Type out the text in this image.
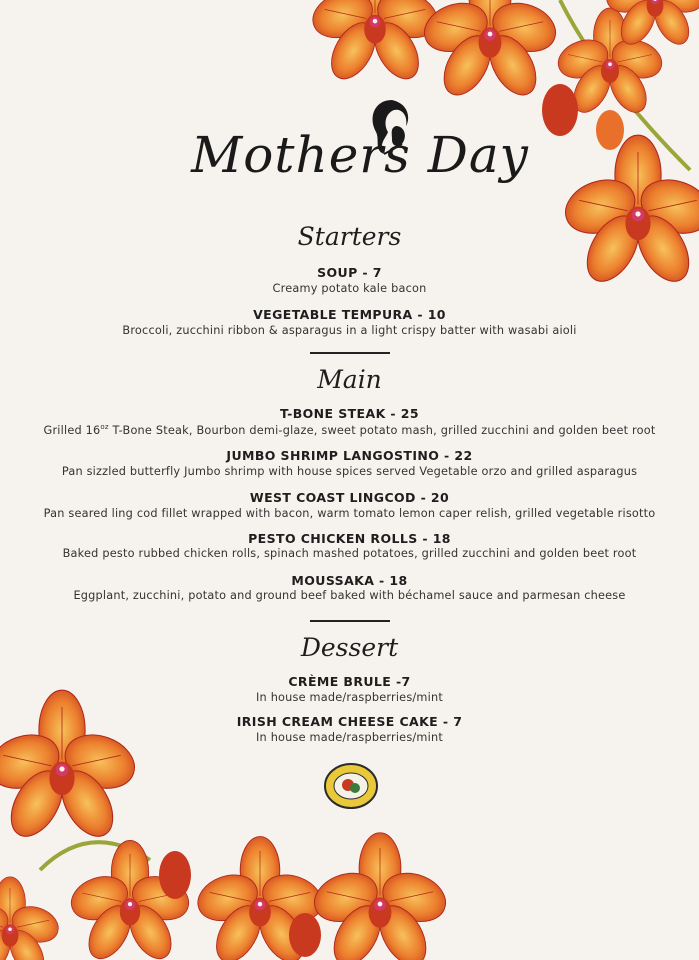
Mothers Day
Starters
SOUP - 7
Creamy potato kale bacon
VEGETABLE TEMPURA - 10
Broccoli, zucchini ribbon & asparagus in a light crispy batter with wasabi aioli
Main
T-BONE STEAK - 25
Grilled $16^{oz}$ T-Bone Steak, Bourbon demi-glaze, sweet potato mash, grilled zucchini and golden beet root
JUMBO SHRIMP LANGOSTINO - 22
Pan sizzled butterfly Jumbo shrimp with house spices served Vegetable orzo and grilled asparagus
WEST COAST LINGCOD - 20
Pan seared ling cod fillet wrapped with bacon, warm tomato lemon caper relish, grilled vegetable risotto
PESTO CHICKEN ROLLS - 18
Baked pesto rubbed chicken rolls, spinach mashed potatoes, grilled zucchini and golden beet root
MOUSSAKA - 18
Eggplant, zucchini, potato and ground beef baked with béchamel sauce and parmesan cheese
Dessert
CRÈME BRULE -7
In house made/raspberries/mint
IRISH CREAM CHEESE CAKE - 7
In house made/raspberries/mint
